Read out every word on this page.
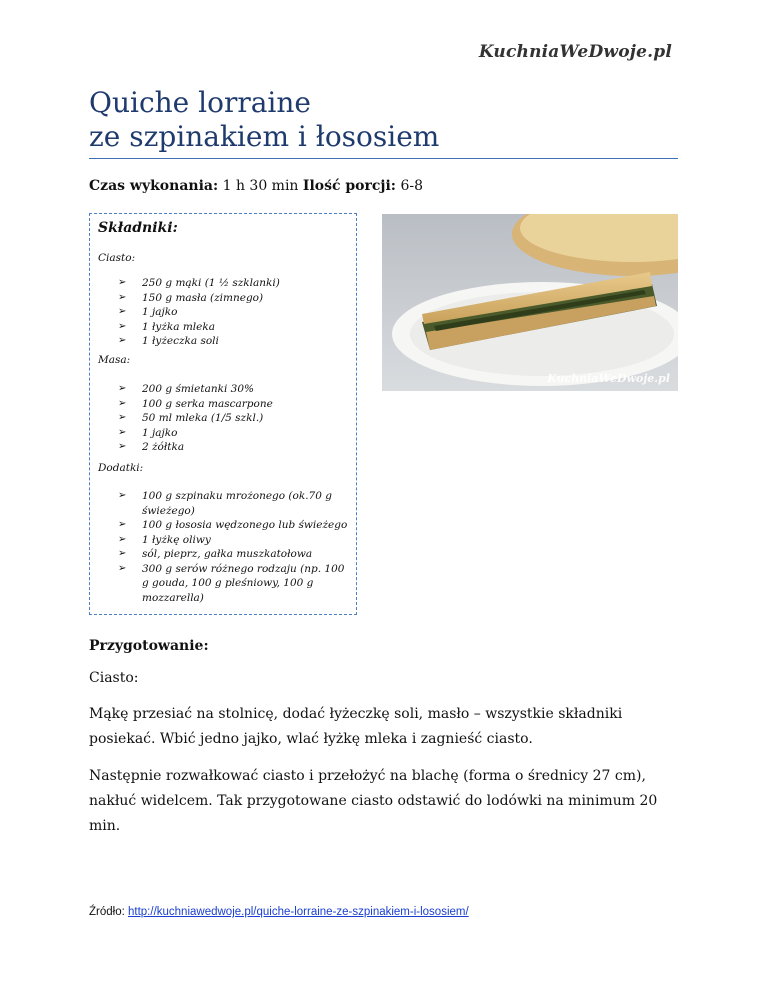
KuchniaWeDwoje.pl
Quiche lorraine
ze szpinakiem i łososiem
Czas wykonania: 1 h 30 min Ilość porcji: 6-8
Składniki:
Ciasto:
➢ 250 g mąki (1 ½ szklanki)
➢ 150 g masła (zimnego)
➢ 1 jajko
➢ 1 łyżka mleka
➢ 1 łyżeczka soli
Masa:
➢ 200 g śmietanki 30%
➢ 100 g serka mascarpone
➢ 50 ml mleka (1/5 szkl.)
➢ 1 jajko
➢ 2 żółtka
Dodatki:
➢ 100 g szpinaku mrożonego (ok.70 g świeżego)
➢ 100 g łososia wędzonego lub świeżego
➢ 1 łyżkę oliwy
➢ sól, pieprz, gałka muszkatołowa
➢ 300 g serów różnego rodzaju (np. 100 g gouda, 100 g pleśniowy, 100 g mozzarella)
KuchniaWeDwoje.pl
Przygotowanie:

Ciasto:

Mąkę przesiać na stolnicę, dodać łyżeczkę soli, masło – wszystkie składniki posiekać. Wbić jedno jajko, wlać łyżkę mleka i zagnieść ciasto.

Następnie rozwałkować ciasto i przełożyć na blachę (forma o średnicy 27 cm), nakłuć widelcem. Tak przygotowane ciasto odstawić do lodówki na minimum 20 min.

Źródło: http://kuchniawedwoje.pl/quiche-lorraine-ze-szpinakiem-i-lososiem/
